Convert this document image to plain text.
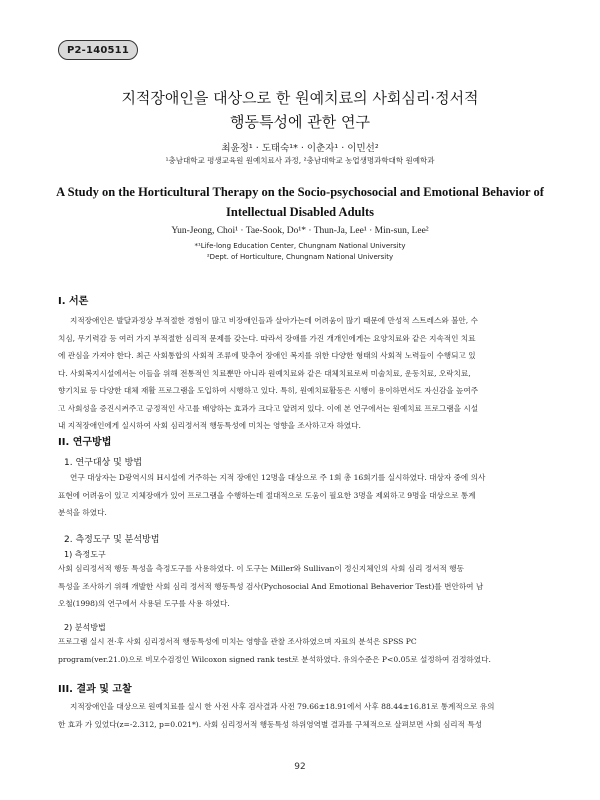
P2-140511
지적장애인을 대상으로 한 원예치료의 사회심리·정서적
행동특성에 관한 연구
최윤정¹ · 도태숙¹* · 이춘자¹ · 이민선²
¹충남대학교 평생교육원 원예치료사 과정, ²충남대학교 농업생명과학대학 원예학과
A Study on the Horticultural Therapy on the Socio-psychosocial and Emotional Behavior of
Intellectual Disabled Adults
Yun-Jeong, Choi¹ · Tae-Sook, Do¹* · Thun-Ja, Lee¹ · Min-sun, Lee²
*¹Life-long Education Center, Chungnam National University
²Dept. of Horticulture, Chungnam National University
I. 서론
지적장애인은 발달과정상 부적절한 경험이 많고 비장애인들과 살아가는데 어려움이 많기 때문에 만성적 스트레스와 불안, 수
치심, 무기력감 등 여러 가지 부적절한 심리적 문제를 갖는다. 따라서 장애를 가진 개개인에게는 요양치료와 같은 지속적인 치료
에 관심을 가져야 한다. 최근 사회통합의 사회적 조류에 맞추어 장애인 복지를 위한 다양한 형태의 사회적 노력들이 수행되고 있
다. 사회복지시설에서는 이들을 위해 전통적인 치료뿐만 아니라 원예치료와 같은 대체치료로써 미술치료, 운동치료, 오락치료,
향기치료 등 다양한 대체 재활 프로그램을 도입하여 시행하고 있다. 특히, 원예치료활동은 시행이 용이하면서도 자신감을 높여주
고 사회성을 증진시켜주고 긍정적인 사고를 배양하는 효과가 크다고 알려져 있다. 이에 본 연구에서는 원예치료 프로그램을 시설
내 지적장애인에게 실시하여 사회 심리정서적 행동특성에 미치는 영향을 조사하고자 하였다.
II. 연구방법
1. 연구대상 및 방법
연구 대상자는 D광역시의 H시설에 거주하는 지적 장애인 12명을 대상으로 주 1회 총 16회기를 실시하였다. 대상자 중에 의사
표현에 어려움이 있고 지체장애가 있어 프로그램을 수행하는데 절대적으로 도움이 필요한 3명을 제외하고 9명을 대상으로 통계
분석을 하였다.
2. 측정도구 및 분석방법
1) 측정도구
사회 심리정서적 행동 특성을 측정도구를 사용하였다. 이 도구는 Miller와 Sullivan이 정신지체인의 사회 심리 정서적 행동
특성을 조사하기 위해 개발한 사회 심리 정서적 행동특성 검사(Pychosocial And Emotional Behaverior Test)를 번안하여 남
오철(1998)의 연구에서 사용된 도구를 사용 하였다.
2) 분석방법
프로그램 실시 전·후 사회 심리정서적 행동특성에 미치는 영향을 관찰 조사하였으며 자료의 분석은 SPSS PC
program(ver.21.0)으로 비모수검정인 Wilcoxon signed rank test로 분석하였다. 유의수준은 P<0.05로 설정하여 검정하였다.
III. 결과 및 고찰
지적장애인을 대상으로 원예치료를 실시 한 사전 사후 검사결과 사전 79.66±18.91에서 사후 88.44±16.81로 통계적으로 유의
한 효과 가 있었다(z=-2.312, p=0.021*). 사회 심리정서적 행동특성 하위영역별 결과를 구체적으로 살펴보면 사회 심리적 특성
92
